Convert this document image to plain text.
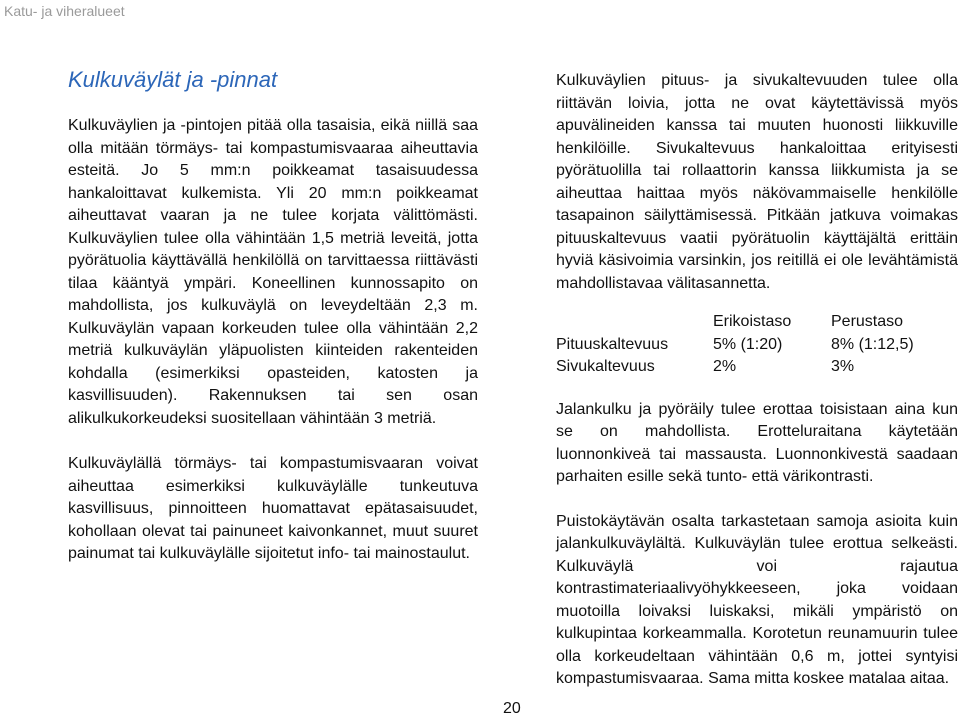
Katu- ja viheralueet
Kulkuväylät ja -pinnat

Kulkuväylien ja -pintojen pitää olla tasaisia, eikä niillä saa olla mitään törmäys- tai kompastumisvaaraa aiheuttavia esteitä. Jo 5 mm:n poikkeamat tasaisuudessa hankaloittavat kulkemista. Yli 20 mm:n poikkeamat aiheuttavat vaaran ja ne tulee korjata välittömästi. Kulkuväylien tulee olla vähintään 1,5 metriä leveitä, jotta pyörätuolia käyttävällä henkilöllä on tarvittaessa riittävästi tilaa kääntyä ympäri. Koneellinen kunnossapito on mahdollista, jos kulkuväylä on leveydeltään 2,3 m. Kulkuväylän vapaan korkeuden tulee olla vähintään 2,2 metriä kulkuväylän yläpuolisten kiinteiden rakenteiden kohdalla (esimerkiksi opasteiden, katosten ja kasvillisuuden). Rakennuksen tai sen osan alikulkukorkeudeksi suositellaan vähintään 3 metriä.

Kulkuväylällä törmäys- tai kompastumisvaaran voivat aiheuttaa esimerkiksi kulkuväylälle tunkeutuva kasvillisuus, pinnoitteen huomattavat epätasaisuudet, kohollaan olevat tai painuneet kaivonkannet, muut suuret painumat tai kulkuväylälle sijoitetut info- tai mainostaulut.

Kulkuväylien pituus- ja sivukaltevuuden tulee olla riittävän loivia, jotta ne ovat käytettävissä myös apuvälineiden kanssa tai muuten huonosti liikkuville henkilöille. Sivukaltevuus hankaloittaa erityisesti pyörätuolilla tai rollaattorin kanssa liikkumista ja se aiheuttaa haittaa myös näkövammaiselle henkilölle tasapainon säilyttämisessä. Pitkään jatkuva voimakas pituuskaltevuus vaatii pyörätuolin käyttäjältä erittäin hyviä käsivoimia varsinkin, jos reitillä ei ole levähtämistä mahdollistavaa välitasannetta.

	Erikoistaso	Perustaso
Pituuskaltevuus	5% (1:20)	8% (1:12,5)
Sivukaltevuus	2%	3%

Jalankulku ja pyöräily tulee erottaa toisistaan aina kun se on mahdollista. Erotteluraitana käytetään luonnonkiveä tai massausta. Luonnonkivestä saadaan parhaiten esille sekä tunto- että värikontrasti.

Puistokäytävän osalta tarkastetaan samoja asioita kuin jalankulkuväylältä. Kulkuväylän tulee erottua selkeästi. Kulkuväylä voi rajautua kontrastimateriaalivyöhykkeeseen, joka voidaan muotoilla loivaksi luiskaksi, mikäli ympäristö on kulkupintaa korkeammalla. Korotetun reunamuurin tulee olla korkeudeltaan vähintään 0,6 m, jottei syntyisi kompastumisvaaraa. Sama mitta koskee matalaa aitaa.

20
